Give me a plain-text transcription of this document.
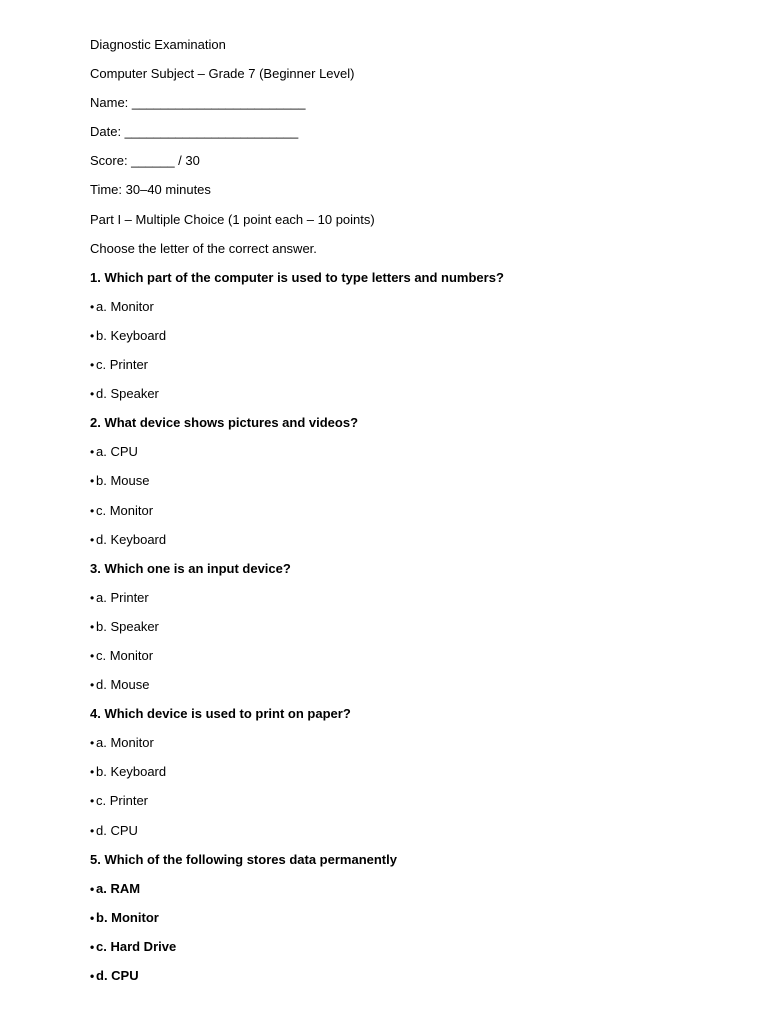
Diagnostic Examination
Computer Subject – Grade 7 (Beginner Level)
Name: ________________________
Date: ________________________
Score: ______ / 30
Time: 30–40 minutes
Part I – Multiple Choice (1 point each – 10 points)
Choose the letter of the correct answer.
1. Which part of the computer is used to type letters and numbers?
• a. Monitor
• b. Keyboard
• c. Printer
• d. Speaker
2. What device shows pictures and videos?
• a. CPU
• b. Mouse
• c. Monitor
• d. Keyboard
3. Which one is an input device?
• a. Printer
• b. Speaker
• c. Monitor
• d. Mouse
4. Which device is used to print on paper?
• a. Monitor
• b. Keyboard
• c. Printer
• d. CPU
5. Which of the following stores data permanently
• a. RAM
• b. Monitor
• c. Hard Drive
• d. CPU
